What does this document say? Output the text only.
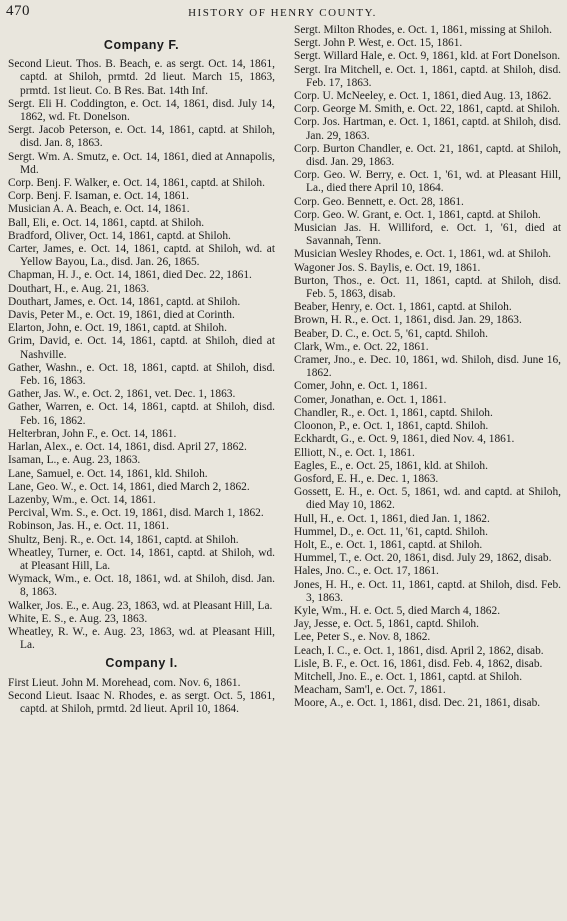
470	HISTORY OF HENRY COUNTY.
Company F.

Second Lieut. Thos. B. Beach, e. as sergt. Oct. 14, 1861, captd. at Shiloh, prmtd. 2d lieut. March 15, 1863, prmtd. 1st lieut. Co. B Res. Bat. 14th Inf.

Sergt. Eli H. Coddington, e. Oct. 14, 1861, disd. July 14, 1862, wd. Ft. Donelson.

Sergt. Jacob Peterson, e. Oct. 14, 1861, captd. at Shiloh, disd. Jan. 8, 1863.

Sergt. Wm. A. Smutz, e. Oct. 14, 1861, died at Annapolis, Md.

Corp. Benj. F. Walker, e. Oct. 14, 1861, captd. at Shiloh.

Corp. Benj. F. Isaman, e. Oct. 14, 1861.

Musician A. A. Beach, e. Oct. 14, 1861.

Ball, Eli, e. Oct. 14, 1861, captd. at Shiloh.

Bradford, Oliver, Oct. 14, 1861, captd. at Shiloh.

Carter, James, e. Oct. 14, 1861, captd. at Shiloh, wd. at Yellow Bayou, La., disd. Jan. 26, 1865.

Chapman, H. J., e. Oct. 14, 1861, died Dec. 22, 1861.

Douthart, H., e. Aug. 21, 1863.

Douthart, James, e. Oct. 14, 1861, captd. at Shiloh.

Davis, Peter M., e. Oct. 19, 1861, died at Corinth.

Elarton, John, e. Oct. 19, 1861, captd. at Shiloh.

Grim, David, e. Oct. 14, 1861, captd. at Shiloh, died at Nashville.

Gather, Washn., e. Oct. 18, 1861, captd. at Shiloh, disd. Feb. 16, 1863.

Gather, Jas. W., e. Oct. 2, 1861, vet. Dec. 1, 1863.

Gather, Warren, e. Oct. 14, 1861, captd. at Shiloh, disd. Feb. 16, 1862.

Helterbran, John F., e. Oct. 14, 1861.

Harlan, Alex., e. Oct. 14, 1861, disd. April 27, 1862.

Isaman, L., e. Aug. 23, 1863.

Lane, Samuel, e. Oct. 14, 1861, kld. Shiloh.

Lane, Geo. W., e. Oct. 14, 1861, died March 2, 1862.

Lazenby, Wm., e. Oct. 14, 1861.

Percival, Wm. S., e. Oct. 19, 1861, disd. March 1, 1862.

Robinson, Jas. H., e. Oct. 11, 1861.

Shultz, Benj. R., e. Oct. 14, 1861, captd. at Shiloh.

Wheatley, Turner, e. Oct. 14, 1861, captd. at Shiloh, wd. at Pleasant Hill, La.

Wymack, Wm., e. Oct. 18, 1861, wd. at Shiloh, disd. Jan. 8, 1863.

Walker, Jos. E., e. Aug. 23, 1863, wd. at Pleasant Hill, La.

White, E. S., e. Aug. 23, 1863.

Wheatley, R. W., e. Aug. 23, 1863, wd. at Pleasant Hill, La.

Company I.

First Lieut. John M. Morehead, com. Nov. 6, 1861.

Second Lieut. Isaac N. Rhodes, e. as sergt. Oct. 5, 1861, captd. at Shiloh, prmtd. 2d lieut. April 10, 1864.

Sergt. Milton Rhodes, e. Oct. 1, 1861, missing at Shiloh.

Sergt. John P. West, e. Oct. 15, 1861.

Sergt. Willard Hale, e. Oct. 9, 1861, kld. at Fort Donelson.

Sergt. Ira Mitchell, e. Oct. 1, 1861, captd. at Shiloh, disd. Feb. 17, 1863.

Corp. U. McNeeley, e. Oct. 1, 1861, died Aug. 13, 1862.

Corp. George M. Smith, e. Oct. 22, 1861, captd. at Shiloh.

Corp. Jos. Hartman, e. Oct. 1, 1861, captd. at Shiloh, disd. Jan. 29, 1863.

Corp. Burton Chandler, e. Oct. 21, 1861, captd. at Shiloh, disd. Jan. 29, 1863.

Corp. Geo. W. Berry, e. Oct. 1, '61, wd. at Pleasant Hill, La., died there April 10, 1864.

Corp. Geo. Bennett, e. Oct. 28, 1861.

Corp. Geo. W. Grant, e. Oct. 1, 1861, captd. at Shiloh.

Musician Jas. H. Williford, e. Oct. 1, '61, died at Savannah, Tenn.

Musician Wesley Rhodes, e. Oct. 1, 1861, wd. at Shiloh.

Wagoner Jos. S. Baylis, e. Oct. 19, 1861.

Burton, Thos., e. Oct. 11, 1861, captd. at Shiloh, disd. Feb. 5, 1863, disab.

Beaber, Henry, e. Oct. 1, 1861, captd. at Shiloh.

Brown, H. R., e. Oct. 1, 1861, disd. Jan. 29, 1863.

Beaber, D. C., e. Oct. 5, '61, captd. Shiloh.

Clark, Wm., e. Oct. 22, 1861.

Cramer, Jno., e. Dec. 10, 1861, wd. Shiloh, disd. June 16, 1862.

Comer, John, e. Oct. 1, 1861.

Comer, Jonathan, e. Oct. 1, 1861.

Chandler, R., e. Oct. 1, 1861, captd. Shiloh.

Cloonon, P., e. Oct. 1, 1861, captd. Shiloh.

Eckhardt, G., e. Oct. 9, 1861, died Nov. 4, 1861.

Elliott, N., e. Oct. 1, 1861.

Eagles, E., e. Oct. 25, 1861, kld. at Shiloh.

Gosford, E. H., e. Dec. 1, 1863.

Gossett, E. H., e. Oct. 5, 1861, wd. and captd. at Shiloh, died May 10, 1862.

Hull, H., e. Oct. 1, 1861, died Jan. 1, 1862.

Hummel, D., e. Oct. 11, '61, captd. Shiloh.

Holt, E., e. Oct. 1, 1861, captd. at Shiloh.

Hummel, T., e. Oct. 20, 1861, disd. July 29, 1862, disab.

Hales, Jno. C., e. Oct. 17, 1861.

Jones, H. H., e. Oct. 11, 1861, captd. at Shiloh, disd. Feb. 3, 1863.

Kyle, Wm., H. e. Oct. 5, died March 4, 1862.

Jay, Jesse, e. Oct. 5, 1861, captd. Shiloh.

Lee, Peter S., e. Nov. 8, 1862.

Leach, I. C., e. Oct. 1, 1861, disd. April 2, 1862, disab.

Lisle, B. F., e. Oct. 16, 1861, disd. Feb. 4, 1862, disab.

Mitchell, Jno. E., e. Oct. 1, 1861, captd. at Shiloh.

Meacham, Sam'l, e. Oct. 7, 1861.

Moore, A., e. Oct. 1, 1861, disd. Dec. 21, 1861, disab.
